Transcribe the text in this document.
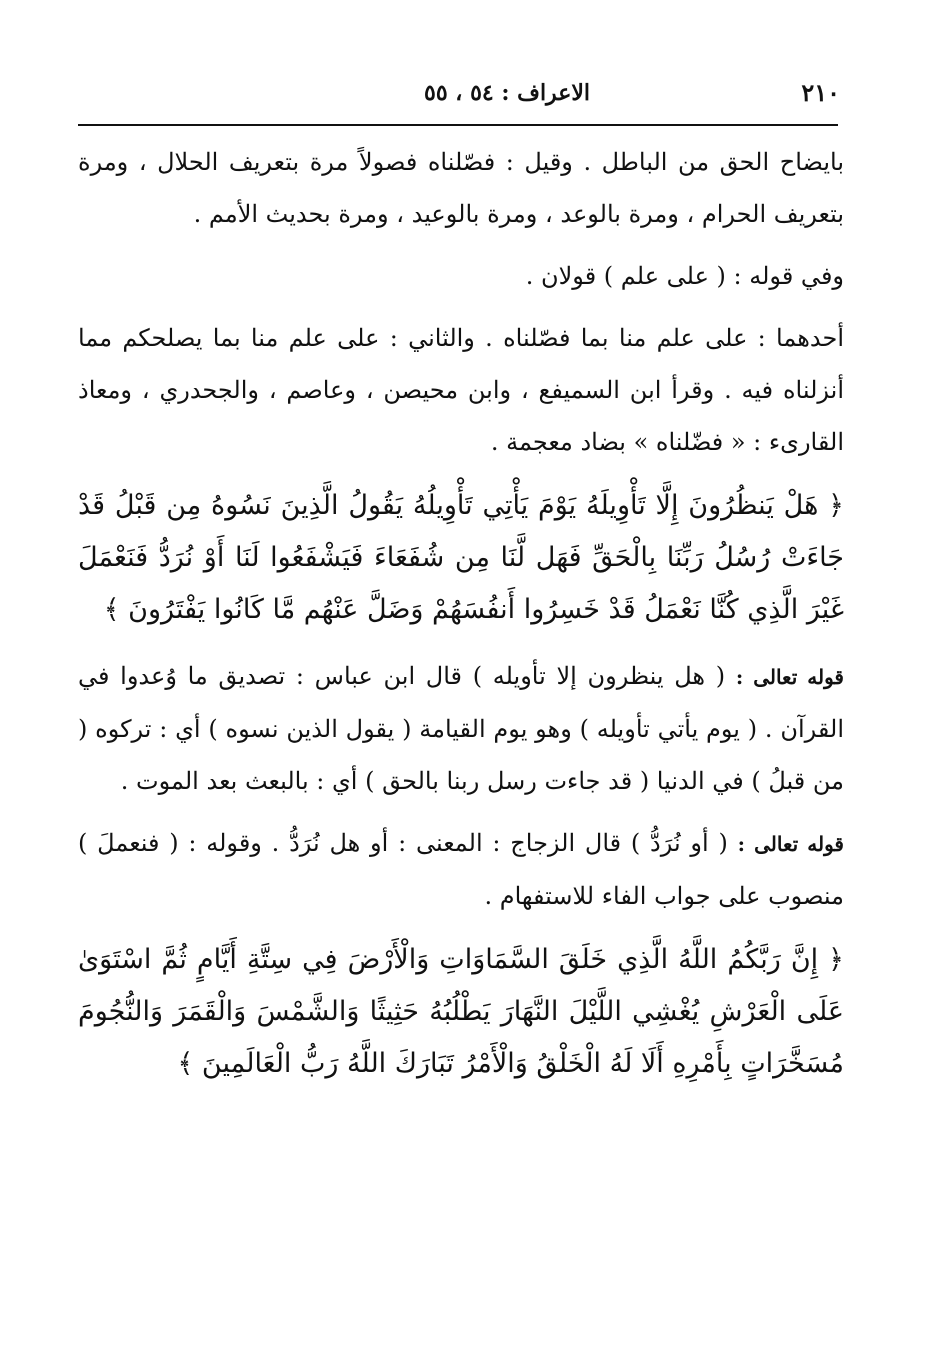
٢١٠
الاعراف : ٥٤ ، ٥٥

بايضاح الحق من الباطل . وقيل : فصّلناه فصولاً مرة بتعريف الحلال ، ومرة بتعريف الحرام ، ومرة بالوعد ، ومرة بالوعيد ، ومرة بحديث الأمم .

وفي قوله : ( على علم ) قولان .

أحدهما : على علم منا بما فصّلناه . والثاني : على علم منا بما يصلحكم مما أنزلناه فيه . وقرأ ابن السميفع ، وابن محيصن ، وعاصم ، والجحدري ، ومعاذ القارىء : « فضّلناه » بضاد معجمة .

﴿ هَلْ يَنظُرُونَ إِلَّا تَأْوِيلَهُ يَوْمَ يَأْتِي تَأْوِيلُهُ يَقُولُ الَّذِينَ نَسُوهُ مِن قَبْلُ قَدْ جَاءَتْ رُسُلُ رَبِّنَا بِالْحَقِّ فَهَل لَّنَا مِن شُفَعَاءَ فَيَشْفَعُوا لَنَا أَوْ نُرَدُّ فَنَعْمَلَ غَيْرَ الَّذِي كُنَّا نَعْمَلُ قَدْ خَسِرُوا أَنفُسَهُمْ وَضَلَّ عَنْهُم مَّا كَانُوا يَفْتَرُونَ ﴾

قوله تعالى : ( هل ينظرون إلا تأويله ) قال ابن عباس : تصديق ما وُعدوا في القرآن . ( يوم يأتي تأويله ) وهو يوم القيامة ( يقول الذين نسوه ) أي : تركوه ( من قبلُ ) في الدنيا ( قد جاءت رسل ربنا بالحق ) أي : بالبعث بعد الموت .

قوله تعالى : ( أو نُرَدُّ ) قال الزجاج : المعنى : أو هل نُرَدُّ . وقوله : ( فنعملَ ) منصوب على جواب الفاء للاستفهام .

﴿ إِنَّ رَبَّكُمُ اللَّهُ الَّذِي خَلَقَ السَّمَاوَاتِ وَالْأَرْضَ فِي سِتَّةِ أَيَّامٍ ثُمَّ اسْتَوَىٰ عَلَى الْعَرْشِ يُغْشِي اللَّيْلَ النَّهَارَ يَطْلُبُهُ حَثِيثًا وَالشَّمْسَ وَالْقَمَرَ وَالنُّجُومَ مُسَخَّرَاتٍ بِأَمْرِهِ أَلَا لَهُ الْخَلْقُ وَالْأَمْرُ تَبَارَكَ اللَّهُ رَبُّ الْعَالَمِينَ ﴾
